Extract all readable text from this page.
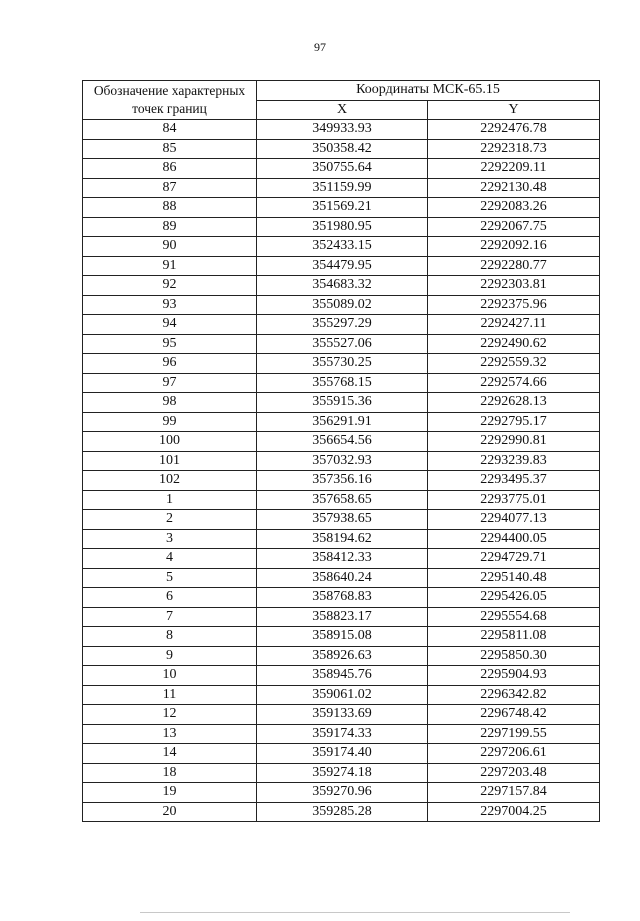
97
Обозначение характерных точек границ	Координаты МСК-65.15	
	X	Y
84	349933.93	2292476.78
85	350358.42	2292318.73
86	350755.64	2292209.11
87	351159.99	2292130.48
88	351569.21	2292083.26
89	351980.95	2292067.75
90	352433.15	2292092.16
91	354479.95	2292280.77
92	354683.32	2292303.81
93	355089.02	2292375.96
94	355297.29	2292427.11
95	355527.06	2292490.62
96	355730.25	2292559.32
97	355768.15	2292574.66
98	355915.36	2292628.13
99	356291.91	2292795.17
100	356654.56	2292990.81
101	357032.93	2293239.83
102	357356.16	2293495.37
1	357658.65	2293775.01
2	357938.65	2294077.13
3	358194.62	2294400.05
4	358412.33	2294729.71
5	358640.24	2295140.48
6	358768.83	2295426.05
7	358823.17	2295554.68
8	358915.08	2295811.08
9	358926.63	2295850.30
10	358945.76	2295904.93
11	359061.02	2296342.82
12	359133.69	2296748.42
13	359174.33	2297199.55
14	359174.40	2297206.61
18	359274.18	2297203.48
19	359270.96	2297157.84
20	359285.28	2297004.25
